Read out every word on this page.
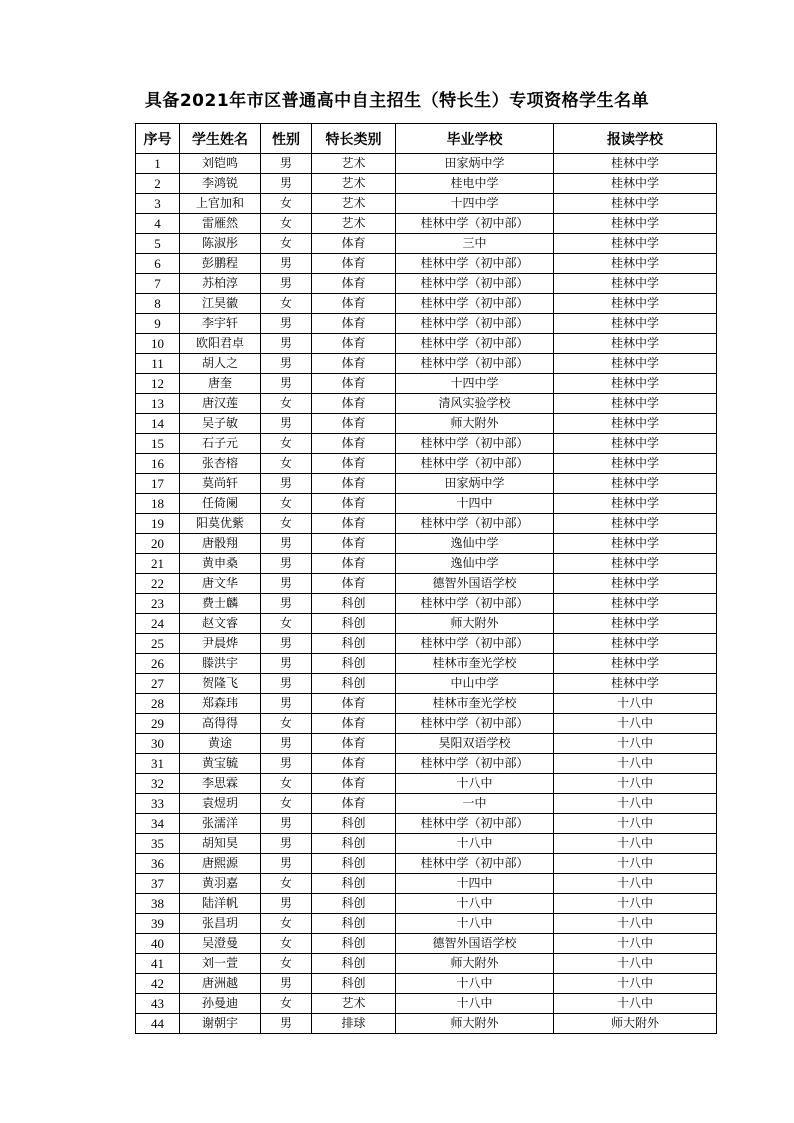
具备2021年市区普通高中自主招生（特长生）专项资格学生名单
序号	学生姓名	性别	特长类别	毕业学校	报读学校
1	刘铠鸣	男	艺术	田家炳中学	桂林中学
2	李鸿锐	男	艺术	桂电中学	桂林中学
3	上官加和	女	艺术	十四中学	桂林中学
4	雷雁然	女	艺术	桂林中学（初中部）	桂林中学
5	陈淑彤	女	体育	三中	桂林中学
6	彭鹏程	男	体育	桂林中学（初中部）	桂林中学
7	苏柏淳	男	体育	桂林中学（初中部）	桂林中学
8	江昊徽	女	体育	桂林中学（初中部）	桂林中学
9	李宇轩	男	体育	桂林中学（初中部）	桂林中学
10	欧阳君卓	男	体育	桂林中学（初中部）	桂林中学
11	胡人之	男	体育	桂林中学（初中部）	桂林中学
12	唐奎	男	体育	十四中学	桂林中学
13	唐汉莲	女	体育	清风实验学校	桂林中学
14	吴子敏	男	体育	师大附外	桂林中学
15	石子元	女	体育	桂林中学（初中部）	桂林中学
16	张杏榕	女	体育	桂林中学（初中部）	桂林中学
17	莫尚轩	男	体育	田家炳中学	桂林中学
18	任倚阑	女	体育	十四中	桂林中学
19	阳莫优紫	女	体育	桂林中学（初中部）	桂林中学
20	唐骰翔	男	体育	逸仙中学	桂林中学
21	黄申桑	男	体育	逸仙中学	桂林中学
22	唐文华	男	体育	德智外国语学校	桂林中学
23	费士麟	男	科创	桂林中学（初中部）	桂林中学
24	赵文睿	女	科创	师大附外	桂林中学
25	尹晨烨	男	科创	桂林中学（初中部）	桂林中学
26	滕洪宇	男	科创	桂林市奎光学校	桂林中学
27	贺隆飞	男	科创	中山中学	桂林中学
28	郑森玮	男	体育	桂林市奎光学校	十八中
29	高得得	女	体育	桂林中学（初中部）	十八中
30	黄途	男	体育	昊阳双语学校	十八中
31	黄宝毓	男	体育	桂林中学（初中部）	十八中
32	李思霖	女	体育	十八中	十八中
33	袁煜玥	女	体育	一中	十八中
34	张濡洋	男	科创	桂林中学（初中部）	十八中
35	胡知昊	男	科创	十八中	十八中
36	唐熙源	男	科创	桂林中学（初中部）	十八中
37	黄羽嘉	女	科创	十四中	十八中
38	陆洋帆	男	科创	十八中	十八中
39	张昌玥	女	科创	十八中	十八中
40	吴澄曼	女	科创	德智外国语学校	十八中
41	刘一萱	女	科创	师大附外	十八中
42	唐洲越	男	科创	十八中	十八中
43	孙曼迪	女	艺术	十八中	十八中
44	谢朝宇	男	排球	师大附外	师大附外
